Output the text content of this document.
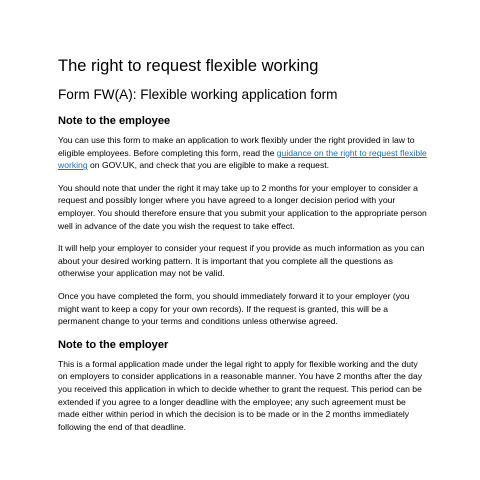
The right to request flexible working
Form FW(A): Flexible working application form
Note to the employee

You can use this form to make an application to work flexibly under the right provided in law to eligible employees. Before completing this form, read the guidance on the right to request flexible working on GOV.UK, and check that you are eligible to make a request.

You should note that under the right it may take up to 2 months for your employer to consider a request and possibly longer where you have agreed to a longer decision period with your employer. You should therefore ensure that you submit your application to the appropriate person well in advance of the date you wish the request to take effect.

It will help your employer to consider your request if you provide as much information as you can about your desired working pattern. It is important that you complete all the questions as otherwise your application may not be valid.

Once you have completed the form, you should immediately forward it to your employer (you might want to keep a copy for your own records). If the request is granted, this will be a permanent change to your terms and conditions unless otherwise agreed.

Note to the employer

This is a formal application made under the legal right to apply for flexible working and the duty on employers to consider applications in a reasonable manner. You have 2 months after the day you received this application in which to decide whether to grant the request. This period can be extended if you agree to a longer deadline with the employee; any such agreement must be made either within period in which the decision is to be made or in the 2 months immediately following the end of that deadline.
